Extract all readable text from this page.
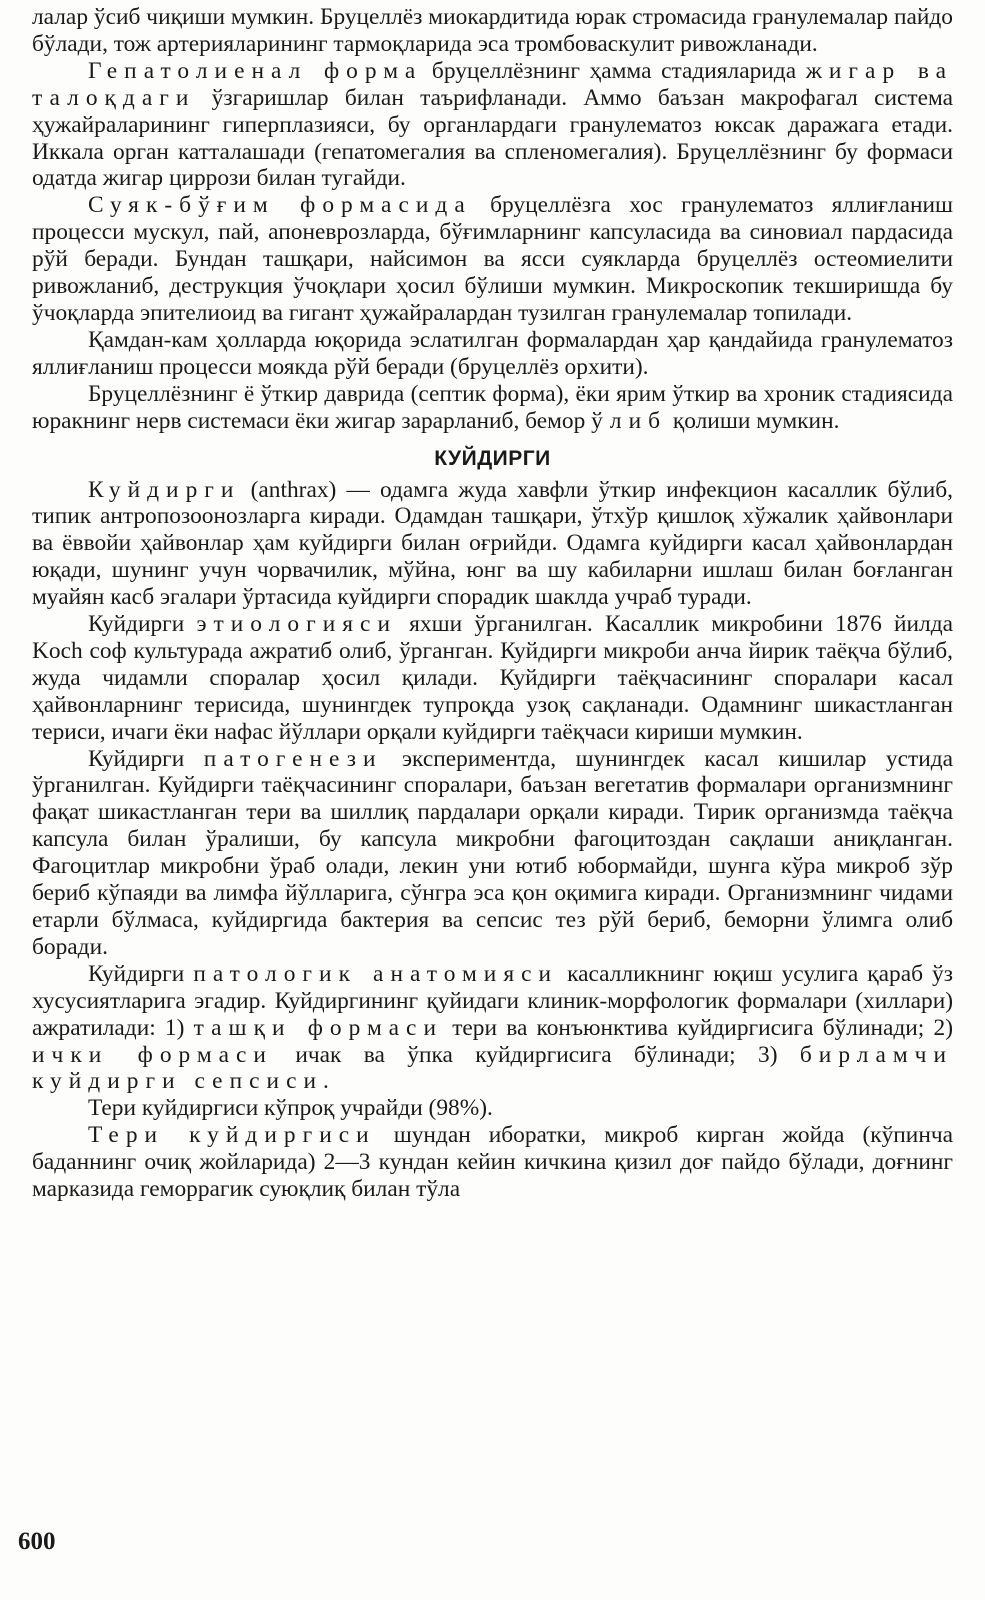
лалар ўсиб чиқиши мумкин. Бруцеллёз миокардитида юрак стромасида гранулемалар пайдо бўлади, тож артерияларининг тармоқларида эса тромбоваскулит ривожланади.

Гепатолиенал форма бруцеллёзнинг ҳамма стадияларида жигар ва талоқдаги ўзгаришлар билан таърифланади. Аммо баъзан макрофагал система ҳужайраларининг гиперплазияси, бу органлардаги гранулематоз юксак даражага етади. Иккала орган катталашади (гепатомегалия ва спленомегалия). Бруцеллёзнинг бу формаси одатда жигар циррози билан тугайди.

Суяк-бўғим формасида бруцеллёзга хос гранулематоз яллиғланиш процесси мускул, пай, апоневрозларда, бўғимларнинг капсуласида ва синовиал пардасида рўй беради. Бундан ташқари, найсимон ва ясси суякларда бруцеллёз остеомиелити ривожланиб, деструкция ўчоқлари ҳосил бўлиши мумкин. Микроскопик текширишда бу ўчоқларда эпителиоид ва гигант ҳужайралардан тузилган гранулемалар топилади.

Қамдан-кам ҳолларда юқорида эслатилган формалардан ҳар қандайида гранулематоз яллиғланиш процесси моякда рўй беради (бруцеллёз орхити).

Бруцеллёзнинг ё ўткир даврида (септик форма), ёки ярим ўткир ва хроник стадиясида юракнинг нерв системаси ёки жигар зарарланиб, бемор ўлиб қолиши мумкин.

КУЙДИРГИ

Куйдирги (anthrax) — одамга жуда хавфли ўткир инфекцион касаллик бўлиб, типик антропозоонозларга киради. Одамдан ташқари, ўтхўр қишлоқ хўжалик ҳайвонлари ва ёввойи ҳайвонлар ҳам куйдирги билан оғрийди. Одамга куйдирги касал ҳайвонлардан юқади, шунинг учун чорвачилик, мўйна, юнг ва шу кабиларни ишлаш билан боғланган муайян касб эгалари ўртасида куйдирги спорадик шаклда учраб туради.

Куйдирги этиологияси яхши ўрганилган. Касаллик микробини 1876 йилда Koch соф культурада ажратиб олиб, ўрганган. Куйдирги микроби анча йирик таёқча бўлиб, жуда чидамли споралар ҳосил қилади. Куйдирги таёқчасининг споралари касал ҳайвонларнинг терисида, шунингдек тупроқда узоқ сақланади. Одамнинг шикастланган териси, ичаги ёки нафас йўллари орқали куйдирги таёқчаси кириши мумкин.

Куйдирги патогенези экспериментда, шунингдек касал кишилар устида ўрганилган. Куйдирги таёқчасининг споралари, баъзан вегетатив формалари организмнинг фақат шикастланган тери ва шиллиқ пардалари орқали киради. Тирик организмда таёқча капсула билан ўралиши, бу капсула микробни фагоцитоздан сақлаши аниқланган. Фагоцитлар микробни ўраб олади, лекин уни ютиб юбормайди, шунга кўра микроб зўр бериб кўпаяди ва лимфа йўлларига, сўнгра эса қон оқимига киради. Организмнинг чидами етарли бўлмаса, куйдиргида бактерия ва сепсис тез рўй бериб, беморни ўлимга олиб боради.

Куйдирги патологик анатомияси касалликнинг юқиш усулига қараб ўз хусусиятларига эгадир. Куйдиргининг қуйидаги клиник-морфологик формалари (хиллари) ажратилади: 1) ташқи формаси тери ва конъюнктива куйдиргисига бўлинади; 2) ички формаси ичак ва ўпка куйдиргисига бўлинади; 3) бирламчи куйдирги сепсиси.

Тери куйдиргиси кўпроқ учрайди (98%).

Тери куйдиргиси шундан иборатки, микроб кирган жойда (кўпинча баданнинг очиқ жойларида) 2—3 кундан кейин кичкина қизил доғ пайдо бўлади, доғнинг марказида геморрагик суюқлиқ билан тўла

600
